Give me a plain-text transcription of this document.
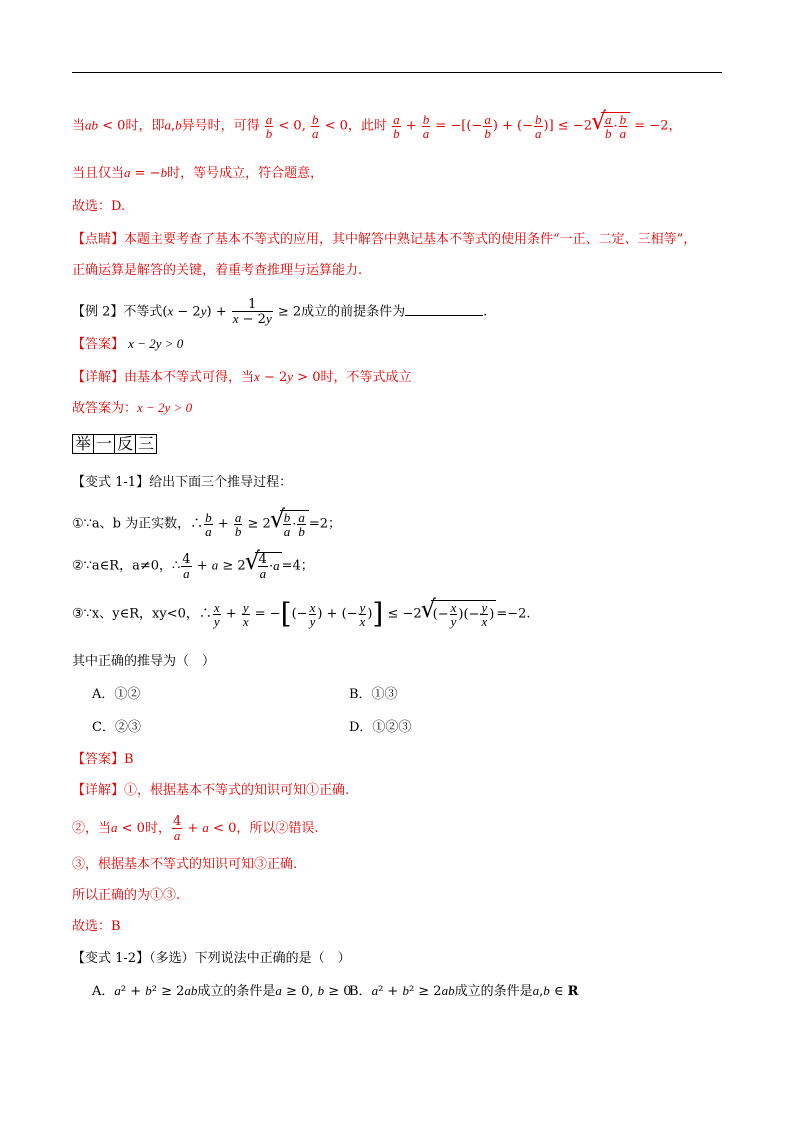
当ab < 0时，即a,b异号时，可得 $\frac{a}{b} < 0$, $\frac{b}{a} < 0$，此时 $\frac{a}{b} + \frac{b}{a}$ = −[(− $\frac{a}{b}$ ) + (− $\frac{b}{a}$ )] ≤ −2 √ $\frac{a}{b} \cdot \frac{b}{a} = -2$，
当且仅当a = −b时，等号成立，符合题意，
故选：D.
【点睛】本题主要考查了基本不等式的应用，其中解答中熟记基本不等式的使用条件“一正、二定、三相等”，
正确运算是解答的关键，着重考查推理与运算能力.
【例 2】不等式$(x - 2y) + \frac{1}{x - 2y} \ge 2$成立的前提条件为	.
【答案】 x − 2y > 0
【详解】由基本不等式可得，当x − 2y > 0时，不等式成立
故答案为：x − 2y > 0
举 一 反 三
【变式 1-1】给出下面三个推导过程：
①∵a、b 为正实数，∴ $\frac{b}{a} + \frac{a}{b} \ge 2$ √ $\frac{b}{a} \cdot \frac{a}{b} =2$；
②∵a∈R，a≠0，∴ $\frac{4}{a} + a \ge 2$ √ $\frac{4}{a} \cdot a =4$；
③∵x、y∈R，xy<0，∴ $\frac{x}{y} + \frac{y}{x}$ = −[(− $\frac{x}{y}$ ) + (− $\frac{y}{x}$ )] ≤ −2 √ (− $\frac{x}{y}$ )(− $\frac{y}{x}$ ) =−2.
其中正确的推导为（　）
A．①②	B．①③
C．②③	D．①②③
【答案】B
【详解】①，根据基本不等式的知识可知①正确.
②，当a < 0时， $\frac{4}{a} + a < 0$，所以②错误.
③，根据基本不等式的知识可知③正确.
所以正确的为①③.
故选：B
【变式 1-2】（多选）下列说法中正确的是（　）
A．a² + b² ≥ 2ab成立的条件是a ≥ 0, b ≥ 0
B．a² + b² ≥ 2ab成立的条件是a,b ∈ R
